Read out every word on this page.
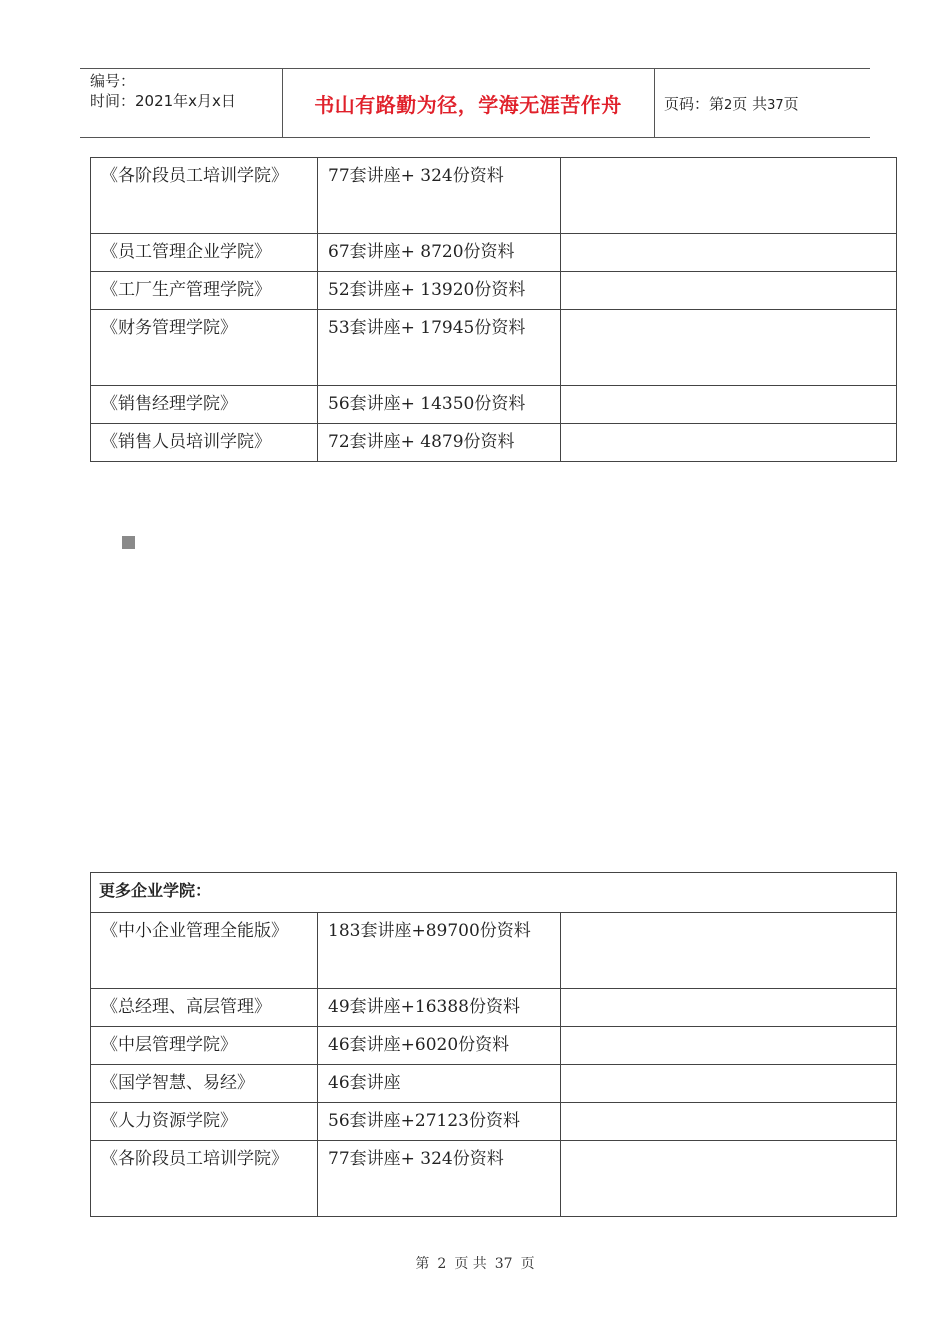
编号：
时间：2021年x月x日	书山有路勤为径，学海无涯苦作舟	页码：第2页 共37页
《各阶段员工培训学院》	77套讲座+ 324份资料	
《员工管理企业学院》	67套讲座+ 8720份资料	
《工厂生产管理学院》	52套讲座+ 13920份资料	
《财务管理学院》	53套讲座+ 17945份资料	
《销售经理学院》	56套讲座+ 14350份资料	
《销售人员培训学院》	72套讲座+ 4879份资料	
更多企业学院：		
《中小企业管理全能版》	183套讲座+89700份资料	
《总经理、高层管理》	49套讲座+16388份资料	
《中层管理学院》	46套讲座+6020份资料	
《国学智慧、易经》	46套讲座	
《人力资源学院》	56套讲座+27123份资料	
《各阶段员工培训学院》	77套讲座+ 324份资料	
第 2 页 共 37 页
